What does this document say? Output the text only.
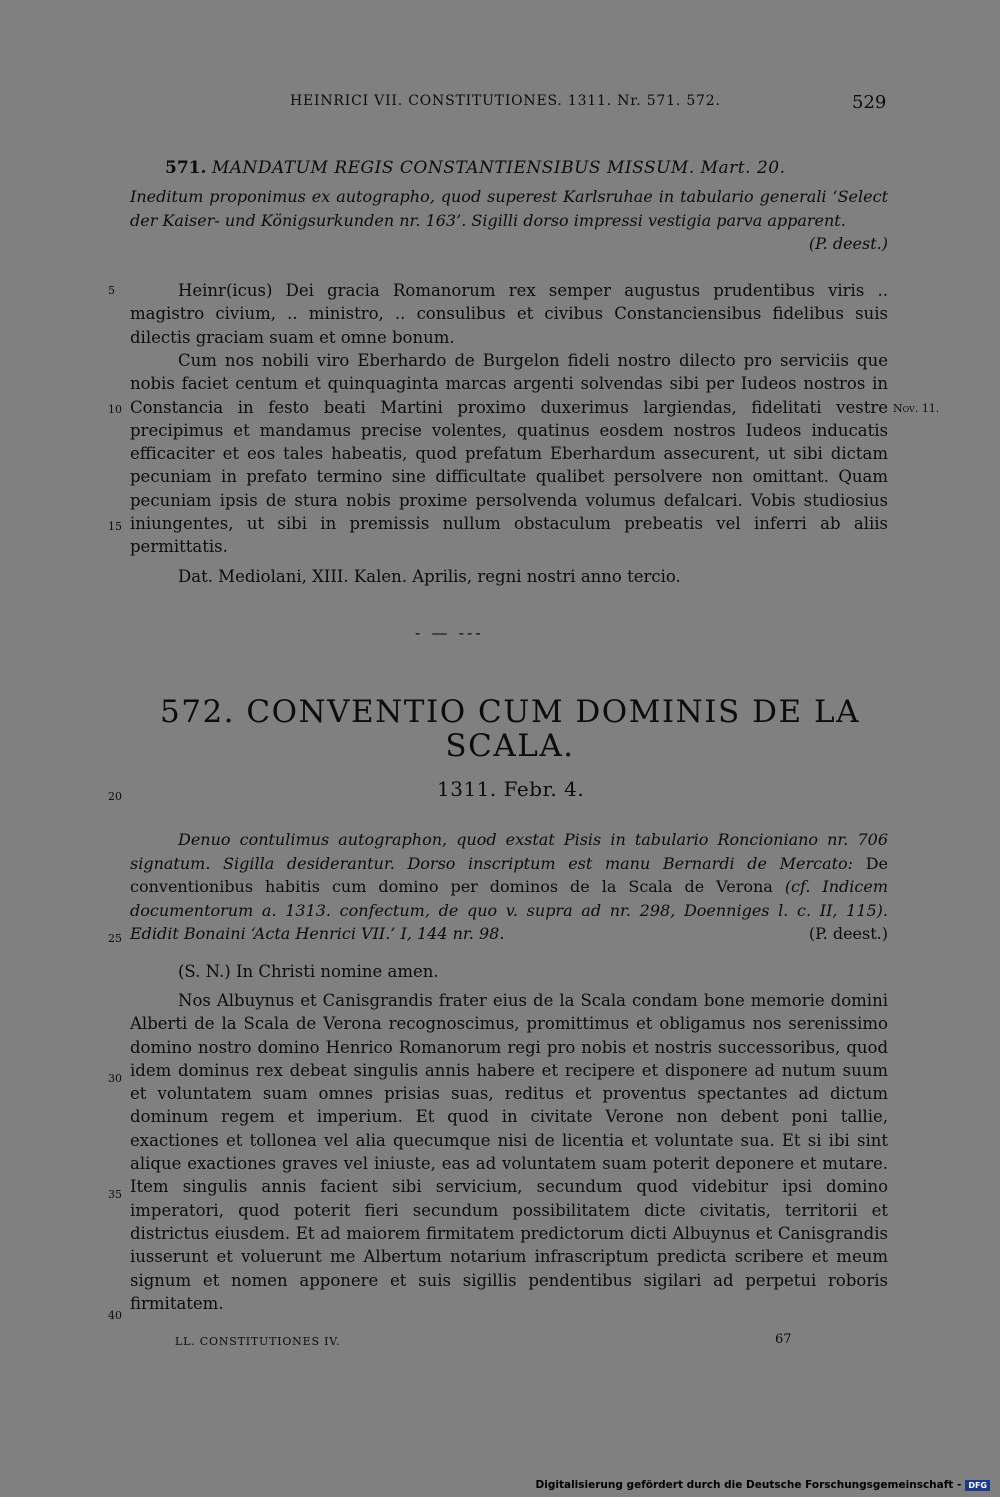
HEINRICI VII. CONSTITUTIONES. 1311. Nr. 571. 572.	529
571. MANDATUM REGIS CONSTANTIENSIBUS MISSUM. Mart. 20.
Ineditum proponimus ex autographo, quod superest Karlsruhae in tabulario generali ‘Select der Kaiser- und Königsurkunden nr. 163’. Sigilli dorso impressi vestigia parva apparent.
(P. deest.)
Heinr(icus) Dei gracia Romanorum rex semper augustus prudentibus viris .. magistro civium, .. ministro, .. consulibus et civibus Constanciensibus fidelibus suis dilectis graciam suam et omne bonum.
Cum nos nobili viro Eberhardo de Burgelon fideli nostro dilecto pro serviciis que nobis faciet centum et quinquaginta marcas argenti solvendas sibi per Iudeos nostros in Constancia in festo beati Martini proximo duxerimus largiendas, fidelitati vestre precipimus et mandamus precise volentes, quatinus eosdem nostros Iudeos inducatis efficaciter et eos tales habeatis, quod prefatum Eberhardum assecurent, ut sibi dictam pecuniam in prefato termino sine difficultate qualibet persolvere non omittant. Quam pecuniam ipsis de stura nobis proxime persolvenda volumus defalcari. Vobis studiosius iniungentes, ut sibi in premissis nullum obstaculum prebeatis vel inferri ab aliis permittatis.
Dat. Mediolani, XIII. Kalen. Aprilis, regni nostri anno tercio.
Nov. 11.
- — ---
572. CONVENTIO CUM DOMINIS DE LA SCALA.
1311. Febr. 4.
Denuo contulimus autographon, quod exstat Pisis in tabulario Roncioniano nr. 706 signatum. Sigilla desiderantur. Dorso inscriptum est manu Bernardi de Mercato: De conventionibus habitis cum domino per dominos de la Scala de Verona (cf. Indicem documentorum a. 1313. confectum, de quo v. supra ad nr. 298, Doenniges l. c. II, 115). Edidit Bonaini ‘Acta Henrici VII.’ I, 144 nr. 98.	(P. deest.)
(S. N.) In Christi nomine amen.
Nos Albuynus et Canisgrandis frater eius de la Scala condam bone memorie domini Alberti de la Scala de Verona recognoscimus, promittimus et obligamus nos serenissimo domino nostro domino Henrico Romanorum regi pro nobis et nostris successoribus, quod idem dominus rex debeat singulis annis habere et recipere et disponere ad nutum suum et voluntatem suam omnes prisias suas, reditus et proventus spectantes ad dictum dominum regem et imperium. Et quod in civitate Verone non debent poni tallie, exactiones et tollonea vel alia quecumque nisi de licentia et voluntate sua. Et si ibi sint alique exactiones graves vel iniuste, eas ad voluntatem suam poterit deponere et mutare. Item singulis annis facient sibi servicium, secundum quod videbitur ipsi domino imperatori, quod poterit fieri secundum possibilitatem dicte civitatis, territorii et districtus eiusdem. Et ad maiorem firmitatem predictorum dicti Albuynus et Canisgrandis iusserunt et voluerunt me Albertum notarium infrascriptum predicta scribere et meum signum et nomen apponere et suis sigillis pendentibus sigilari ad perpetui roboris firmitatem.
5
10
15
20
25
30
35
40
LL. CONSTITUTIONES IV.	67
Digitalisierung gefördert durch die Deutsche Forschungsgemeinschaft - DFG
